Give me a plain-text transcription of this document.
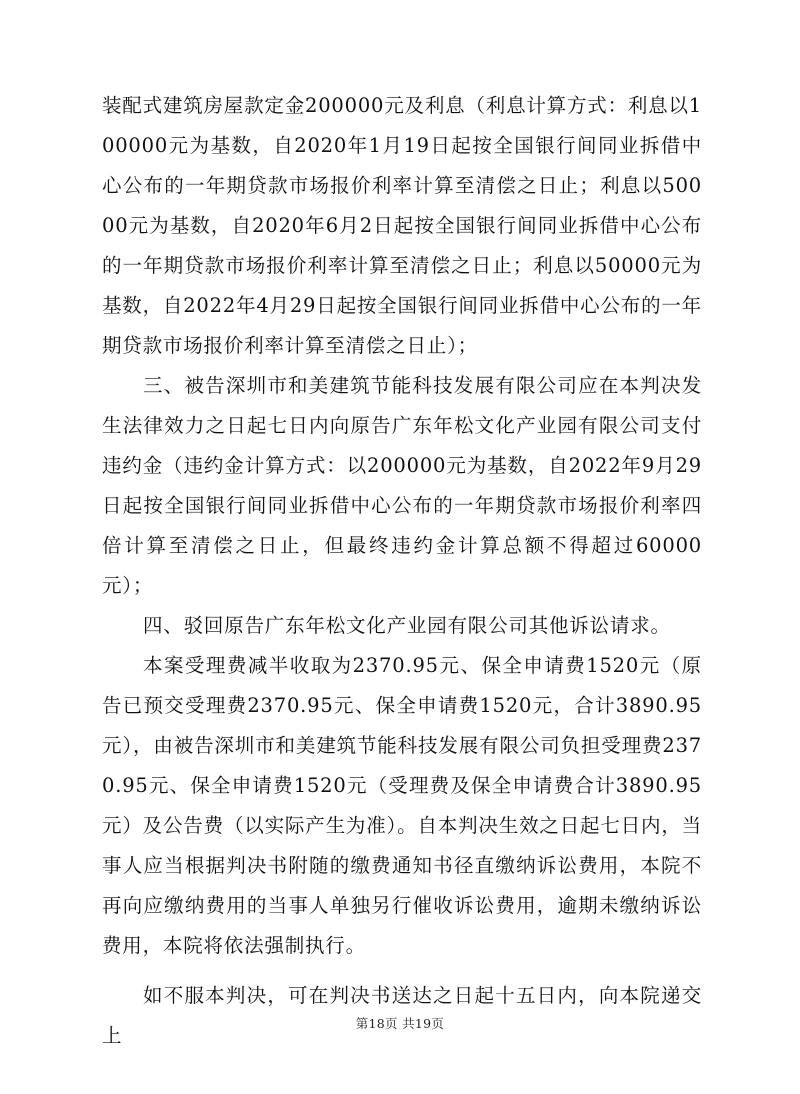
装配式建筑房屋款定金200000元及利息（利息计算方式：利息以100000元为基数，自2020年1月19日起按全国银行间同业拆借中心公布的一年期贷款市场报价利率计算至清偿之日止；利息以50000元为基数，自2020年6月2日起按全国银行间同业拆借中心公布的一年期贷款市场报价利率计算至清偿之日止；利息以50000元为基数，自2022年4月29日起按全国银行间同业拆借中心公布的一年期贷款市场报价利率计算至清偿之日止）；

三、被告深圳市和美建筑节能科技发展有限公司应在本判决发生法律效力之日起七日内向原告广东年松文化产业园有限公司支付违约金（违约金计算方式：以200000元为基数，自2022年9月29日起按全国银行间同业拆借中心公布的一年期贷款市场报价利率四倍计算至清偿之日止，但最终违约金计算总额不得超过60000元）；

四、驳回原告广东年松文化产业园有限公司其他诉讼请求。

本案受理费减半收取为2370.95元、保全申请费1520元（原告已预交受理费2370.95元、保全申请费1520元，合计3890.95元），由被告深圳市和美建筑节能科技发展有限公司负担受理费2370.95元、保全申请费1520元（受理费及保全申请费合计3890.95元）及公告费（以实际产生为准）。自本判决生效之日起七日内，当事人应当根据判决书附随的缴费通知书径直缴纳诉讼费用，本院不再向应缴纳费用的当事人单独另行催收诉讼费用，逾期未缴纳诉讼费用，本院将依法强制执行。

如不服本判决，可在判决书送达之日起十五日内，向本院递交上

第18页 共19页
